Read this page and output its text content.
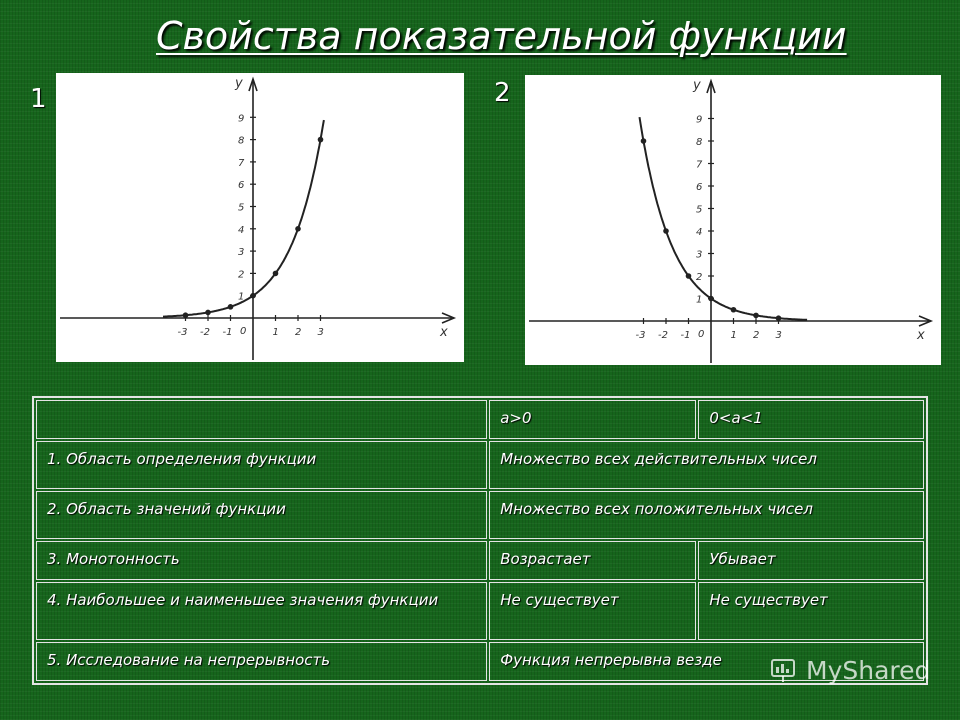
Свойства показательной функции
1	2
x
y
0
-3 -2 -1	1 2 3
1
2
3
4
5
6
7
8
9
x
y
0
-3 -2 -1	1 2 3
1
2
3
4
5
6
7
8
9
	a>0	0<a<1
1. Область определения функции	Множество всех действительных чисел	
2. Область значений функции	Множество всех положительных чисел	
3. Монотонность	Возрастает	Убывает
4. Наибольшее и наименьшее значения функции	Не существует	Не существует
5. Исследование на непрерывность	Функция непрерывна везде		MyShared
